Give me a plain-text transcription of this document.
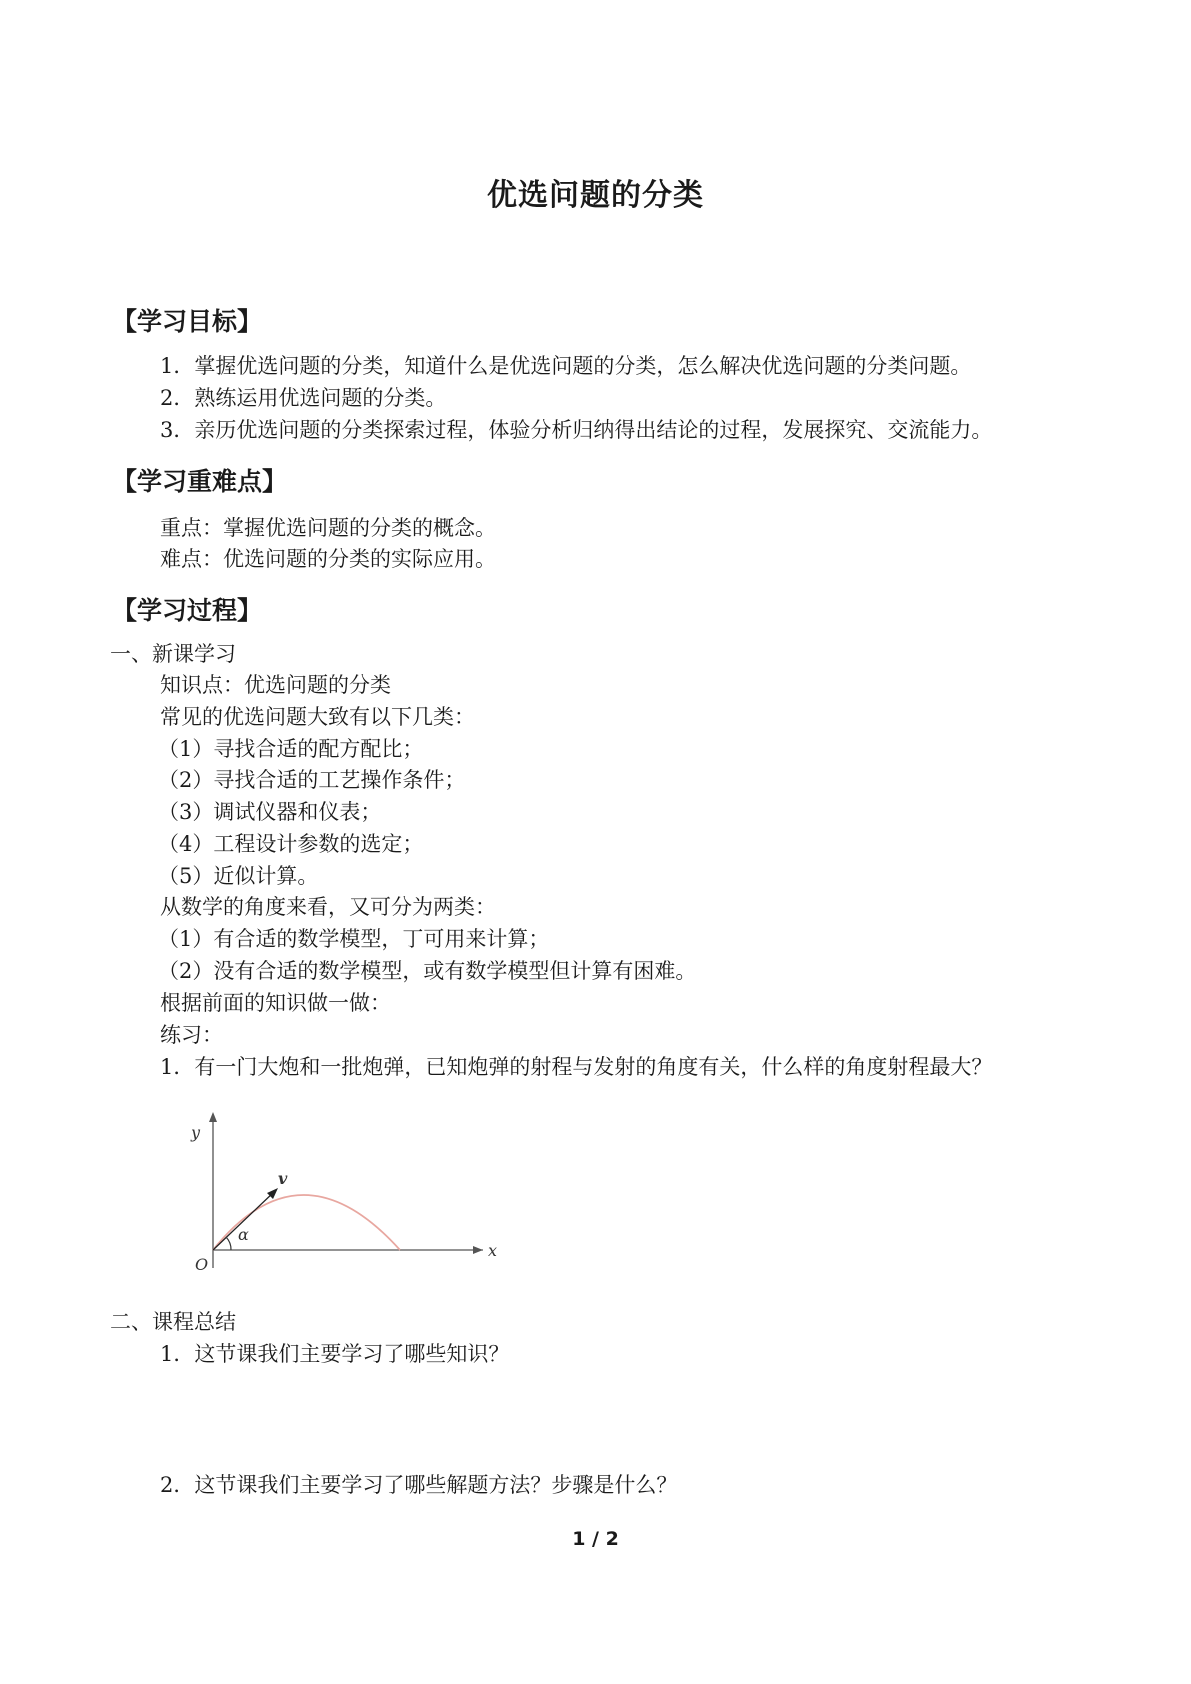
优选问题的分类
【学习目标】
1．掌握优选问题的分类，知道什么是优选问题的分类，怎么解决优选问题的分类问题。
2．熟练运用优选问题的分类。
3．亲历优选问题的分类探索过程，体验分析归纳得出结论的过程，发展探究、交流能力。
【学习重难点】
重点：掌握优选问题的分类的概念。
难点：优选问题的分类的实际应用。
【学习过程】
一、新课学习
知识点：优选问题的分类
常见的优选问题大致有以下几类：
（1）寻找合适的配方配比；
（2）寻找合适的工艺操作条件；
（3）调试仪器和仪表；
（4）工程设计参数的选定；
（5）近似计算。
从数学的角度来看，又可分为两类：
（1）有合适的数学模型，丁可用来计算；
（2）没有合适的数学模型，或有数学模型但计算有困难。
根据前面的知识做一做：
练习：
1．有一门大炮和一批炮弹，已知炮弹的射程与发射的角度有关，什么样的角度射程最大？
y
x
O
v
α
二、课程总结
1．这节课我们主要学习了哪些知识？
2．这节课我们主要学习了哪些解题方法？步骤是什么？
1 / 2
